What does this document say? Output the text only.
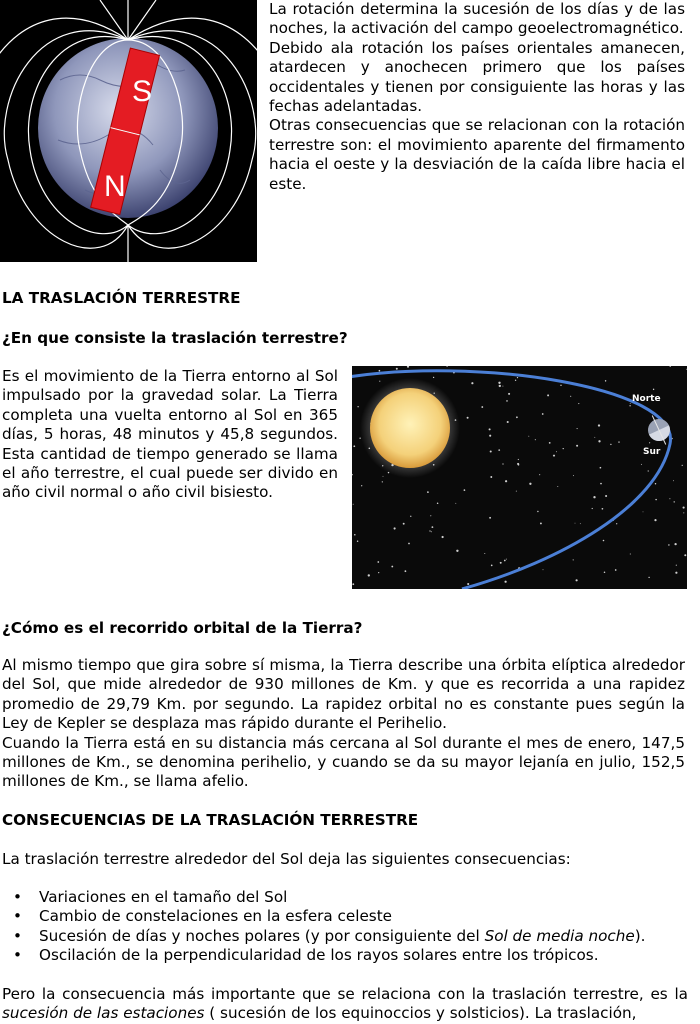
S
N

La rotación determina la sucesión de los días y de las noches, la activación del campo geoelectromagnético.

Debido ala rotación los países orientales amanecen, atardecen y anochecen primero que los países occidentales y tienen por consiguiente las horas y las fechas adelantadas.

Otras consecuencias que se relacionan con la rotación terrestre son: el movimiento aparente del firmamento hacia el oeste y la desviación de la caída libre hacia el este.

LA TRASLACIÓN TERRESTRE
¿En que consiste la traslación terrestre?
Es el movimiento de la Tierra entorno al Sol impulsado por la gravedad solar. La Tierra completa una vuelta entorno al Sol en 365 días, 5 horas, 48 minutos y 45,8 segundos. Esta cantidad de tiempo generado se llama el año terrestre, el cual puede ser divido en año civil normal o año civil bisiesto.
Norte
Sur
¿Cómo es el recorrido orbital de la Tierra?
Al mismo tiempo que gira sobre sí misma, la Tierra describe una órbita elíptica alrededor del Sol, que mide alrededor de 930 millones de Km. y que es recorrida a una rapidez promedio de 29,79 Km. por segundo. La rapidez orbital no es constante pues según la Ley de Kepler se desplaza mas rápido durante el Perihelio.
Cuando la Tierra está en su distancia más cercana al Sol durante el mes de enero, 147,5 millones de Km., se denomina perihelio, y cuando se da su mayor lejanía en julio, 152,5 millones de Km., se llama afelio.
CONSECUENCIAS DE LA TRASLACIÓN TERRESTRE
La traslación terrestre alrededor del Sol deja las siguientes consecuencias:
• Variaciones en el tamaño del Sol
• Cambio de constelaciones en la esfera celeste
• Sucesión de días y noches polares (y por consiguiente del Sol de media noche).
• Oscilación de la perpendicularidad de los rayos solares entre los trópicos.
Pero la consecuencia más importante que se relaciona con la traslación terrestre, es la sucesión de las estaciones ( sucesión de los equinoccios y solsticios). La traslación,
